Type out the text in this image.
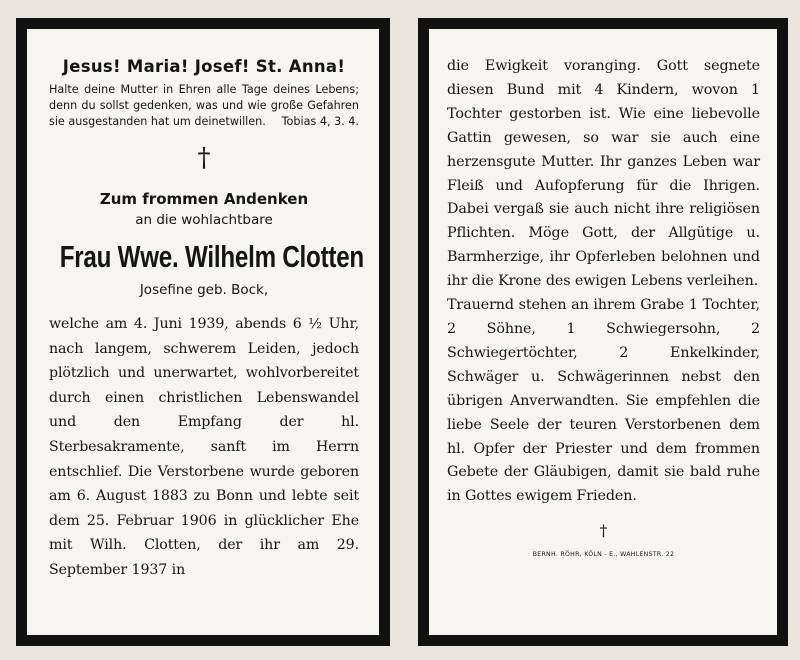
Jesus! Maria! Josef! St. Anna!

Halte deine Mutter in Ehren alle Tage deines Lebens; denn du sollst gedenken, was und wie große Gefahren sie ausgestanden hat um deinetwillen. Tobias 4, 3. 4.

†

Zum frommen Andenken

an die wohlachtbare

Frau Wwe. Wilhelm Clotten

Josefine geb. Bock,

welche am 4. Juni 1939, abends 6 ½ Uhr, nach langem, schwerem Leiden, jedoch plötzlich und unerwartet, wohlvorbereitet durch einen christlichen Lebenswandel und den Empfang der hl. Sterbesakramente, sanft im Herrn entschlief. Die Verstorbene wurde geboren am 6. August 1883 zu Bonn und lebte seit dem 25. Februar 1906 in glücklicher Ehe mit Wilh. Clotten, der ihr am 29. September 1937 in

die Ewigkeit voranging. Gott segnete diesen Bund mit 4 Kindern, wovon 1 Tochter gestorben ist. Wie eine liebevolle Gattin gewesen, so war sie auch eine herzensgute Mutter. Ihr ganzes Leben war Fleiß und Aufopferung für die Ihrigen. Dabei vergaß sie auch nicht ihre religiösen Pflichten. Möge Gott, der Allgütige u. Barmherzige, ihr Opferleben belohnen und ihr die Krone des ewigen Lebens verleihen.

Trauernd stehen an ihrem Grabe 1 Tochter, 2 Söhne, 1 Schwiegersohn, 2 Schwiegertöchter, 2 Enkelkinder, Schwäger u. Schwägerinnen nebst den übrigen Anverwandten. Sie empfehlen die liebe Seele der teuren Verstorbenen dem hl. Opfer der Priester und dem frommen Gebete der Gläubigen, damit sie bald ruhe in Gottes ewigem Frieden.

†
BERNH. RÖHR, KÖLN - E., WAHLENSTR. 22
